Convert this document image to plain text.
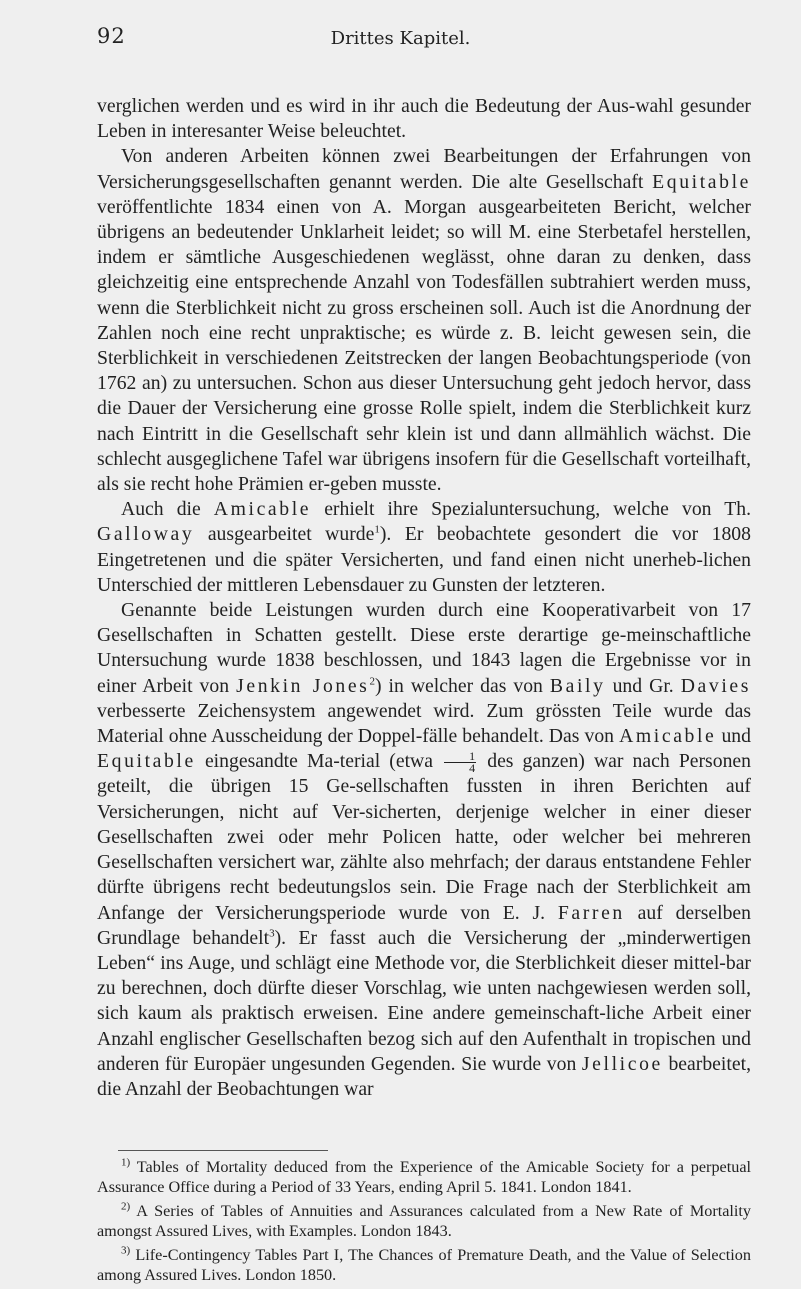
92	Drittes Kapitel.

verglichen werden und es wird in ihr auch die Bedeutung der Aus-wahl gesunder Leben in interesanter Weise beleuchtet.

Von anderen Arbeiten können zwei Bearbeitungen der Erfahrungen von Versicherungsgesellschaften genannt werden. Die alte Gesellschaft Equitable veröffentlichte 1834 einen von A. Morgan ausgearbeiteten Bericht, welcher übrigens an bedeutender Unklarheit leidet; so will M. eine Sterbetafel herstellen, indem er sämtliche Ausgeschiedenen weglässt, ohne daran zu denken, dass gleichzeitig eine entsprechende Anzahl von Todesfällen subtrahiert werden muss, wenn die Sterblichkeit nicht zu gross erscheinen soll. Auch ist die Anordnung der Zahlen noch eine recht unpraktische; es würde z. B. leicht gewesen sein, die Sterblichkeit in verschiedenen Zeitstrecken der langen Beobachtungsperiode (von 1762 an) zu untersuchen. Schon aus dieser Untersuchung geht jedoch hervor, dass die Dauer der Versicherung eine grosse Rolle spielt, indem die Sterblichkeit kurz nach Eintritt in die Gesellschaft sehr klein ist und dann allmählich wächst. Die schlecht ausgeglichene Tafel war übrigens insofern für die Gesellschaft vorteilhaft, als sie recht hohe Prämien er-geben musste.

Auch die Amicable erhielt ihre Spezialuntersuchung, welche von Th. Galloway ausgearbeitet wurde$^1$). Er beobachtete gesondert die vor 1808 Eingetretenen und die später Versicherten, und fand einen nicht unerheb-lichen Unterschied der mittleren Lebensdauer zu Gunsten der letzteren.

Genannte beide Leistungen wurden durch eine Kooperativarbeit von 17 Gesellschaften in Schatten gestellt. Diese erste derartige ge-meinschaftliche Untersuchung wurde 1838 beschlossen, und 1843 lagen die Ergebnisse vor in einer Arbeit von Jenkin Jones$^2$) in welcher das von Baily und Gr. Davies verbesserte Zeichensystem angewendet wird. Zum grössten Teile wurde das Material ohne Ausscheidung der Doppel-fälle behandelt. Das von Amicable und Equitable eingesandte Ma-terial (etwa $\frac{1}{4}$ des ganzen) war nach Personen geteilt, die übrigen 15 Ge-sellschaften fussten in ihren Berichten auf Versicherungen, nicht auf Ver-sicherten, derjenige welcher in einer dieser Gesellschaften zwei oder mehr Policen hatte, oder welcher bei mehreren Gesellschaften versichert war, zählte also mehrfach; der daraus entstandene Fehler dürfte übrigens recht bedeutungslos sein. Die Frage nach der Sterblichkeit am Anfange der Versicherungsperiode wurde von E. J. Farren auf derselben Grundlage behandelt$^3$). Er fasst auch die Versicherung der „minderwertigen Leben“ ins Auge, und schlägt eine Methode vor, die Sterblichkeit dieser mittel-bar zu berechnen, doch dürfte dieser Vorschlag, wie unten nachgewiesen werden soll, sich kaum als praktisch erweisen. Eine andere gemeinschaft-liche Arbeit einer Anzahl englischer Gesellschaften bezog sich auf den Aufenthalt in tropischen und anderen für Europäer ungesunden Gegenden. Sie wurde von Jellicoe bearbeitet, die Anzahl der Beobachtungen war

$^{1)}$ Tables of Mortality deduced from the Experience of the Amicable Society for a perpetual Assurance Office during a Period of 33 Years, ending April 5. 1841. London 1841.

$^{2)}$ A Series of Tables of Annuities and Assurances calculated from a New Rate of Mortality amongst Assured Lives, with Examples. London 1843.

$^{3)}$ Life-Contingency Tables Part I, The Chances of Premature Death, and the Value of Selection among Assured Lives. London 1850.
